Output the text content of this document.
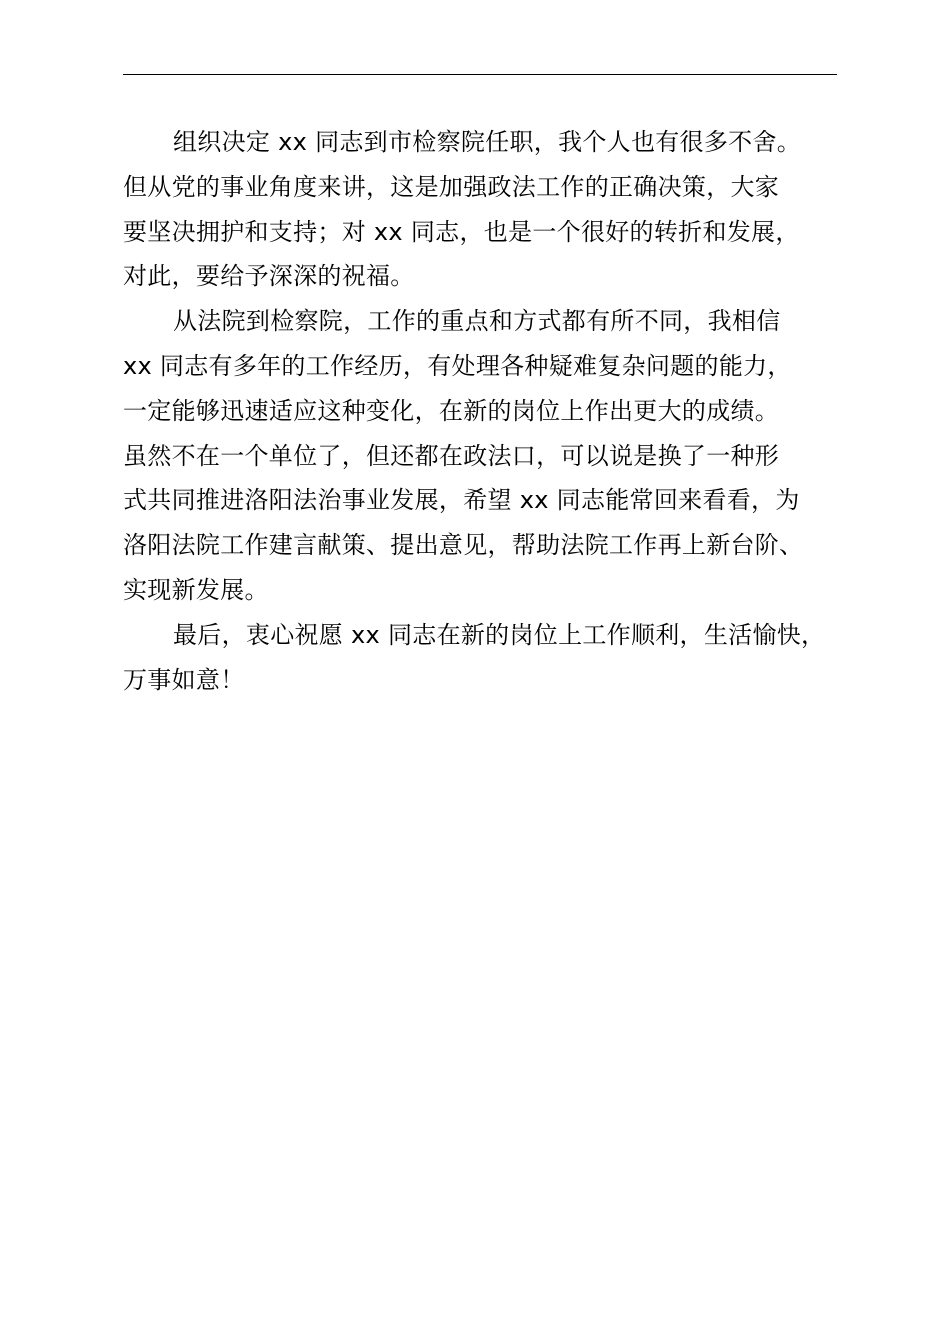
组织决定 xx 同志到市检察院任职，我个人也有很多不舍。
但从党的事业角度来讲，这是加强政法工作的正确决策，大家
要坚决拥护和支持；对 xx 同志，也是一个很好的转折和发展，
对此，要给予深深的祝福。

从法院到检察院，工作的重点和方式都有所不同，我相信
xx 同志有多年的工作经历，有处理各种疑难复杂问题的能力，
一定能够迅速适应这种变化，在新的岗位上作出更大的成绩。
虽然不在一个单位了，但还都在政法口，可以说是换了一种形
式共同推进洛阳法治事业发展，希望 xx 同志能常回来看看，为
洛阳法院工作建言献策、提出意见，帮助法院工作再上新台阶、
实现新发展。

最后，衷心祝愿 xx 同志在新的岗位上工作顺利，生活愉快，
万事如意！
